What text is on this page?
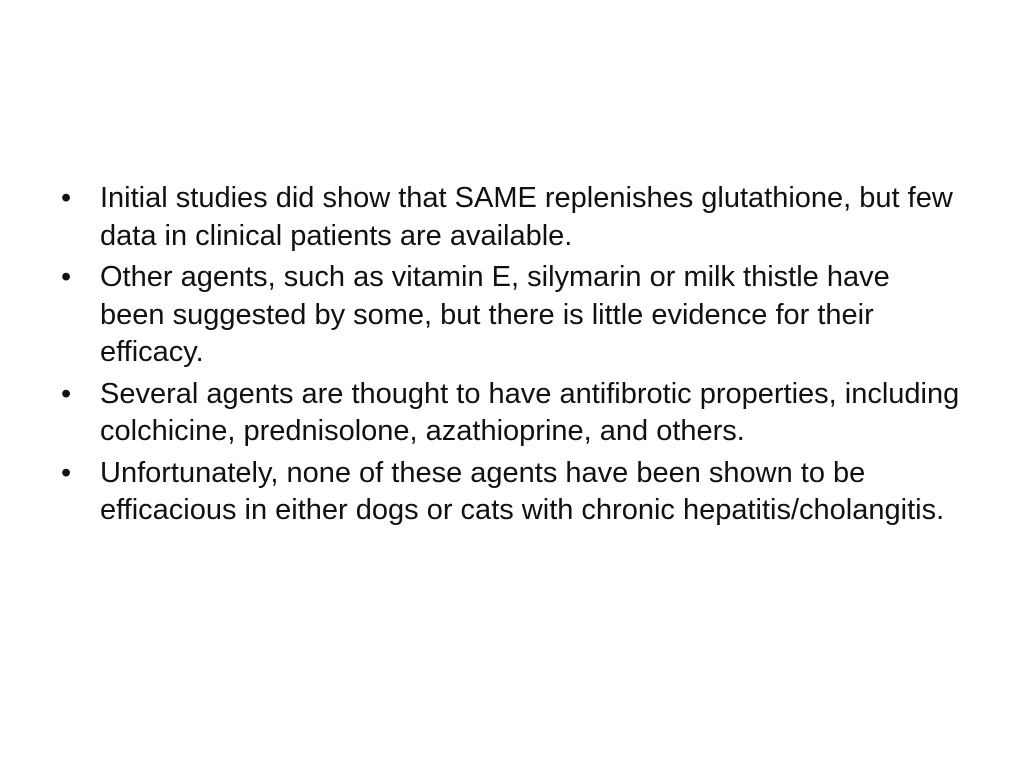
• Initial studies did show that SAME replenishes glutathione, but few data in clinical patients are available.
• Other agents, such as vitamin E, silymarin or milk thistle have been suggested by some, but there is little evidence for their efficacy.
• Several agents are thought to have antifibrotic properties, including colchicine, prednisolone, azathioprine, and others.
• Unfortunately, none of these agents have been shown to be efficacious in either dogs or cats with chronic hepatitis/cholangitis.
